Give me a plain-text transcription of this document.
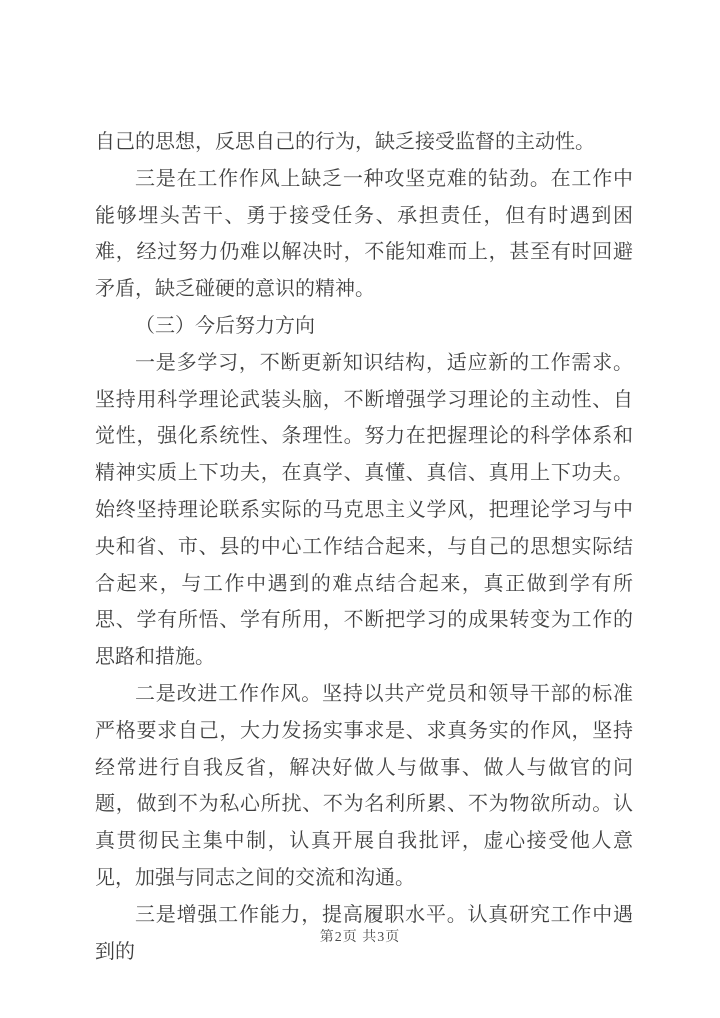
自己的思想，反思自己的行为，缺乏接受监督的主动性。

三是在工作作风上缺乏一种攻坚克难的钻劲。在工作中能够埋头苦干、勇于接受任务、承担责任，但有时遇到困难，经过努力仍难以解决时，不能知难而上，甚至有时回避矛盾，缺乏碰硬的意识的精神。

（三）今后努力方向

一是多学习，不断更新知识结构，适应新的工作需求。坚持用科学理论武装头脑，不断增强学习理论的主动性、自觉性，强化系统性、条理性。努力在把握理论的科学体系和精神实质上下功夫，在真学、真懂、真信、真用上下功夫。始终坚持理论联系实际的马克思主义学风，把理论学习与中央和省、市、县的中心工作结合起来，与自己的思想实际结合起来，与工作中遇到的难点结合起来，真正做到学有所思、学有所悟、学有所用，不断把学习的成果转变为工作的思路和措施。

二是改进工作作风。坚持以共产党员和领导干部的标准严格要求自己，大力发扬实事求是、求真务实的作风，坚持经常进行自我反省，解决好做人与做事、做人与做官的问题，做到不为私心所扰、不为名利所累、不为物欲所动。认真贯彻民主集中制，认真开展自我批评，虚心接受他人意见，加强与同志之间的交流和沟通。

三是增强工作能力，提高履职水平。认真研究工作中遇到的

第2页 共3页
